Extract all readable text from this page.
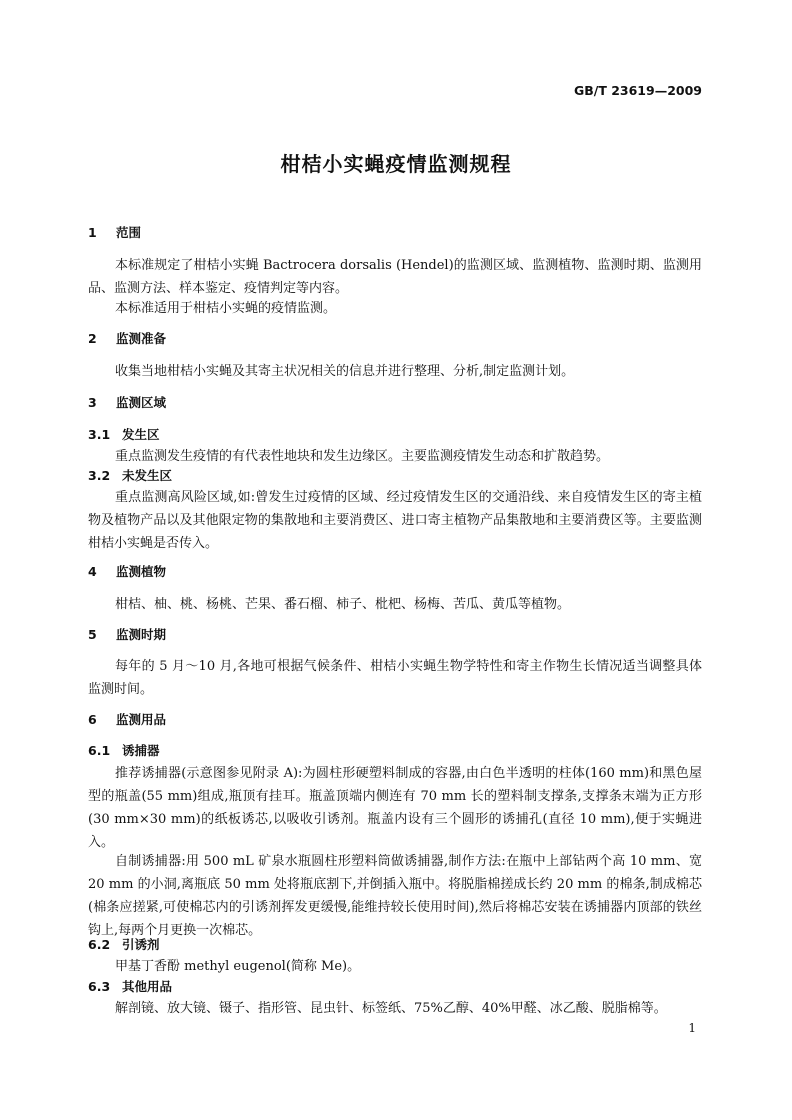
GB/T 23619—2009
柑桔小实蝇疫情监测规程
1 范围
本标准规定了柑桔小实蝇 Bactrocera dorsalis (Hendel)的监测区域、监测植物、监测时期、监测用品、监测方法、样本鉴定、疫情判定等内容。
本标准适用于柑桔小实蝇的疫情监测。
2 监测准备
收集当地柑桔小实蝇及其寄主状况相关的信息并进行整理、分析,制定监测计划。
3 监测区域
3.1 发生区
重点监测发生疫情的有代表性地块和发生边缘区。主要监测疫情发生动态和扩散趋势。
3.2 未发生区
重点监测高风险区域,如:曾发生过疫情的区域、经过疫情发生区的交通沿线、来自疫情发生区的寄主植物及植物产品以及其他限定物的集散地和主要消费区、进口寄主植物产品集散地和主要消费区等。主要监测柑桔小实蝇是否传入。
4 监测植物
柑桔、柚、桃、杨桃、芒果、番石榴、柿子、枇杷、杨梅、苦瓜、黄瓜等植物。
5 监测时期
每年的 5 月～10 月,各地可根据气候条件、柑桔小实蝇生物学特性和寄主作物生长情况适当调整具体监测时间。
6 监测用品
6.1 诱捕器
推荐诱捕器(示意图参见附录 A):为圆柱形硬塑料制成的容器,由白色半透明的柱体(160 mm)和黑色屋型的瓶盖(55 mm)组成,瓶顶有挂耳。瓶盖顶端内侧连有 70 mm 长的塑料制支撑条,支撑条末端为正方形(30 mm×30 mm)的纸板诱芯,以吸收引诱剂。瓶盖内设有三个圆形的诱捕孔(直径 10 mm),便于实蝇进入。
自制诱捕器:用 500 mL 矿泉水瓶圆柱形塑料筒做诱捕器,制作方法:在瓶中上部钻两个高 10 mm、宽 20 mm 的小洞,离瓶底 50 mm 处将瓶底割下,并倒插入瓶中。将脱脂棉搓成长约 20 mm 的棉条,制成棉芯(棉条应搓紧,可使棉芯内的引诱剂挥发更缓慢,能维持较长使用时间),然后将棉芯安装在诱捕器内顶部的铁丝钩上,每两个月更换一次棉芯。
6.2 引诱剂
甲基丁香酚 methyl eugenol(简称 Me)。
6.3 其他用品
解剖镜、放大镜、镊子、指形管、昆虫针、标签纸、75%乙醇、40%甲醛、冰乙酸、脱脂棉等。
1
